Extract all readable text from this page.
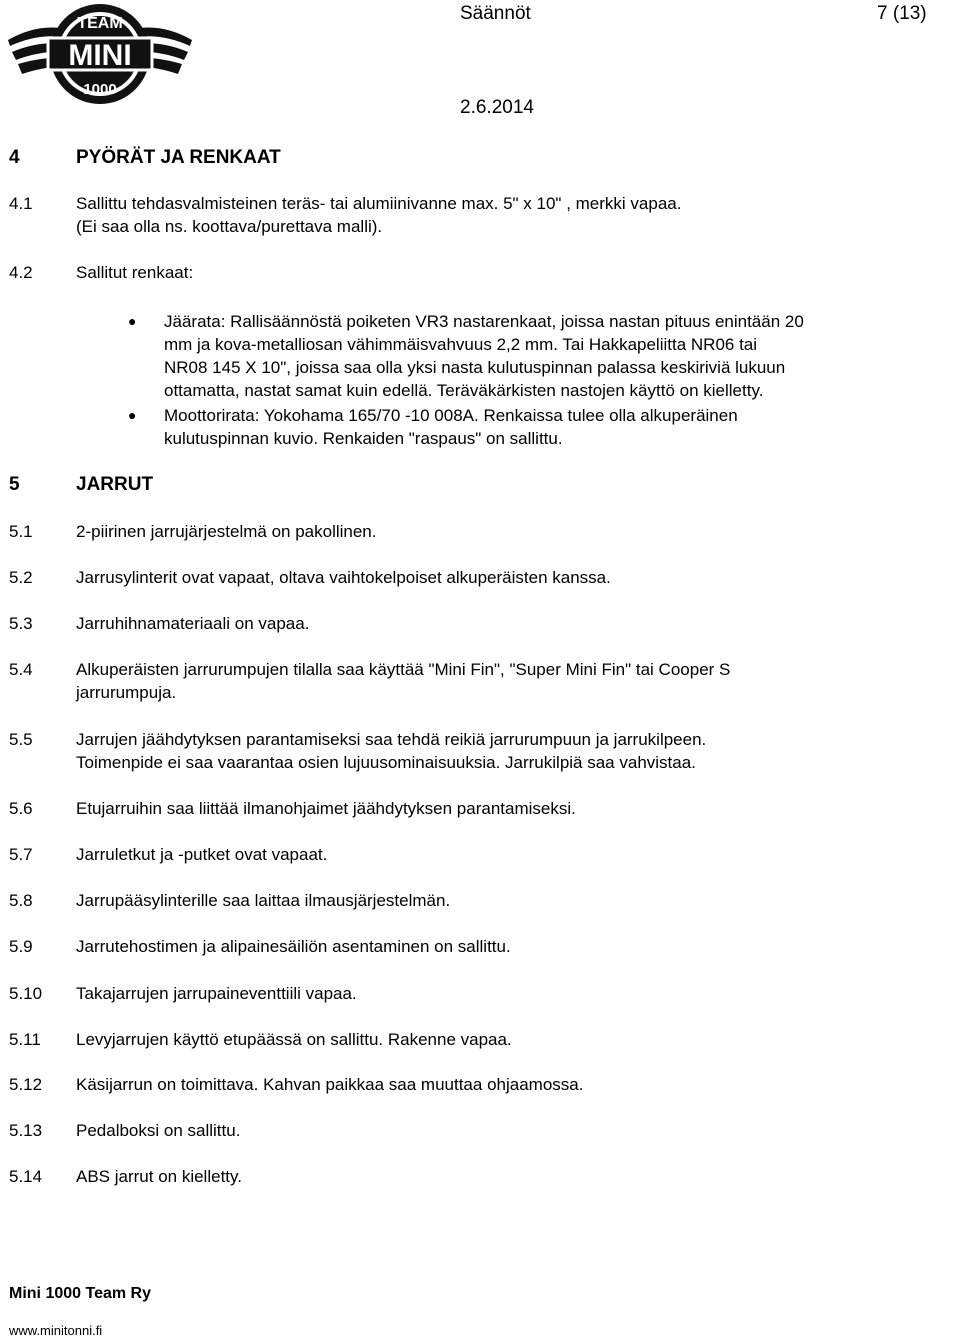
TEAM
MINI
1000
Säännöt	7 (13)
2.6.2014
4	PYÖRÄT JA RENKAAT
4.1	Sallittu tehdasvalmisteinen teräs- tai alumiinivanne max. 5" x 10" , merkki vapaa.
(Ei saa olla ns. koottava/purettava malli).
4.2	Sallitut renkaat:
● Jäärata: Rallisäännöstä poiketen VR3 nastarenkaat, joissa nastan pituus enintään 20
mm ja kova-metalliosan vähimmäisvahvuus 2,2 mm. Tai Hakkapeliitta NR06 tai
NR08 145 X 10", joissa saa olla yksi nasta kulutuspinnan palassa keskiriviä lukuun
ottamatta, nastat samat kuin edellä. Teräväkärkisten nastojen käyttö on kielletty.
● Moottorirata: Yokohama 165/70 -10 008A. Renkaissa tulee olla alkuperäinen
kulutuspinnan kuvio. Renkaiden "raspaus" on sallittu.
5	JARRUT
5.1	2-piirinen jarrujärjestelmä on pakollinen.
5.2	Jarrusylinterit ovat vapaat, oltava vaihtokelpoiset alkuperäisten kanssa.
5.3	Jarruhihnamateriaali on vapaa.
5.4	Alkuperäisten jarrurumpujen tilalla saa käyttää "Mini Fin", "Super Mini Fin" tai Cooper S
jarrurumpuja.
5.5	Jarrujen jäähdytyksen parantamiseksi saa tehdä reikiä jarrurumpuun ja jarrukilpeen.
Toimenpide ei saa vaarantaa osien lujuusominaisuuksia. Jarrukilpiä saa vahvistaa.
5.6	Etujarruihin saa liittää ilmanohjaimet jäähdytyksen parantamiseksi.
5.7	Jarruletkut ja -putket ovat vapaat.
5.8	Jarrupääsylinterille saa laittaa ilmausjärjestelmän.
5.9	Jarrutehostimen ja alipainesäiliön asentaminen on sallittu.
5.10 Takajarrujen jarrupaineventtiili vapaa.
5.11 Levyjarrujen käyttö etupäässä on sallittu. Rakenne vapaa.
5.12 Käsijarrun on toimittava. Kahvan paikkaa saa muuttaa ohjaamossa.
5.13 Pedalboksi on sallittu.
5.14 ABS jarrut on kielletty.
Mini 1000 Team Ry
www.minitonni.fi
